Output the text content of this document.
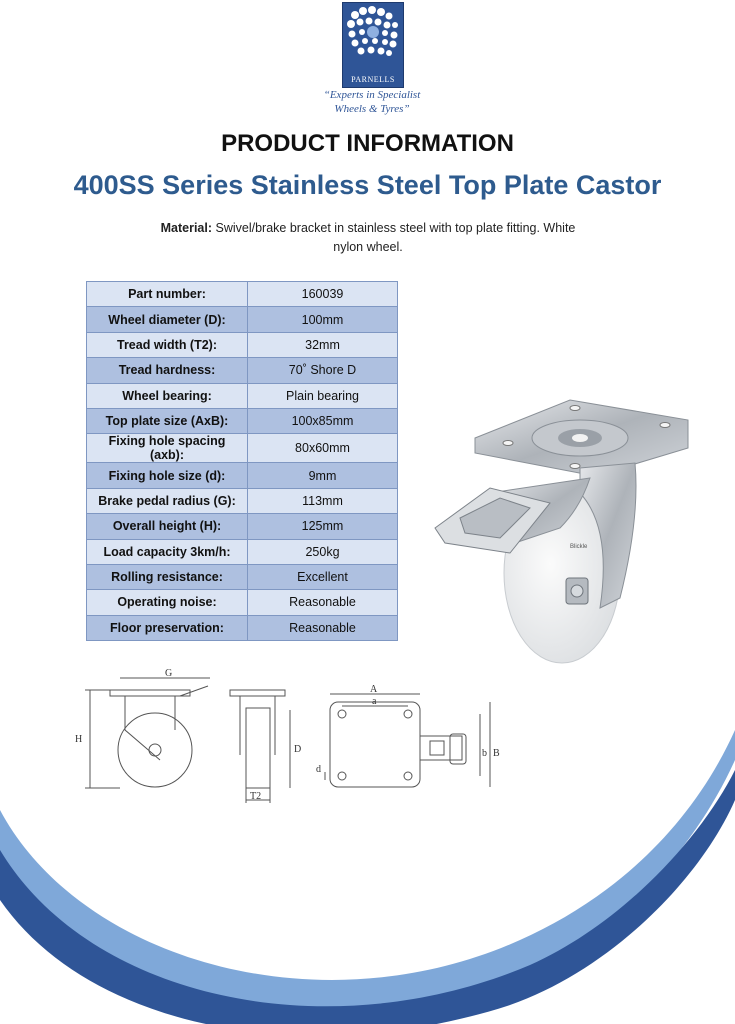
PARNELLS
“Experts in Specialist
Wheels & Tyres”
PRODUCT INFORMATION
400SS Series Stainless Steel Top Plate Castor
Material: Swivel/brake bracket in stainless steel with top plate fitting. White nylon wheel.
Part number:	160039
Wheel diameter (D):	100mm
Tread width (T2):	32mm
Tread hardness:	70˚ Shore D
Wheel bearing:	Plain bearing
Top plate size (AxB):	100x85mm
Fixing hole spacing (axb):	80x60mm
Fixing hole size (d):	9mm
Brake pedal radius (G):	113mm
Overall height (H):	125mm
Load capacity 3km/h:	250kg
Rolling resistance:	Excellent
Operating noise:	Reasonable
Floor preservation:	Reasonable
Blickle
G
H
D
T2
A
a
d
b B
